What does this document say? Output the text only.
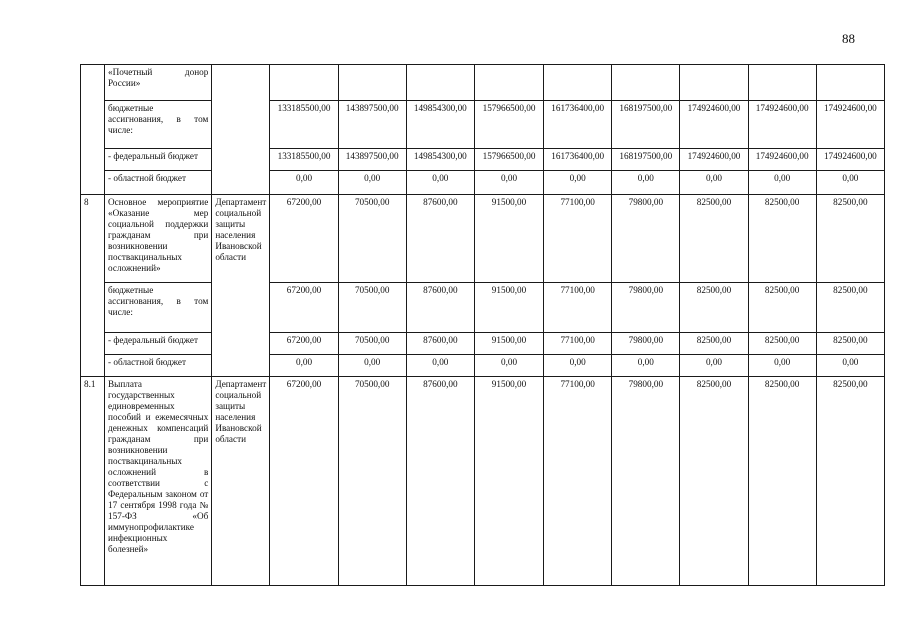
88
	«Почетный донор России»										
	бюджетные ассигнования, в том числе:		133185500,00	143897500,00	149854300,00	157966500,00	161736400,00	168197500,00	174924600,00	174924600,00	174924600,00
	- федеральный бюджет		133185500,00	143897500,00	149854300,00	157966500,00	161736400,00	168197500,00	174924600,00	174924600,00	174924600,00
	- областной бюджет		0,00	0,00	0,00	0,00	0,00	0,00	0,00	0,00	0,00
8	Основное мероприятие «Оказание мер социальной поддержки гражданам при возникновении поствакцинальных осложнений»	Департамент социальной защиты населения Ивановской области	67200,00	70500,00	87600,00	91500,00	77100,00	79800,00	82500,00	82500,00	82500,00
	бюджетные ассигнования, в том числе:		67200,00	70500,00	87600,00	91500,00	77100,00	79800,00	82500,00	82500,00	82500,00
	- федеральный бюджет		67200,00	70500,00	87600,00	91500,00	77100,00	79800,00	82500,00	82500,00	82500,00
	- областной бюджет		0,00	0,00	0,00	0,00	0,00	0,00	0,00	0,00	0,00
8.1	Выплата государственных единовременных пособий и ежемесячных денежных компенсаций гражданам при возникновении поствакцинальных осложнений в соответствии с Федеральным законом от 17 сентября 1998 года № 157-ФЗ «Об иммунопрофилактике инфекционных болезней»	Департамент социальной защиты населения Ивановской области	67200,00	70500,00	87600,00	91500,00	77100,00	79800,00	82500,00	82500,00	82500,00
